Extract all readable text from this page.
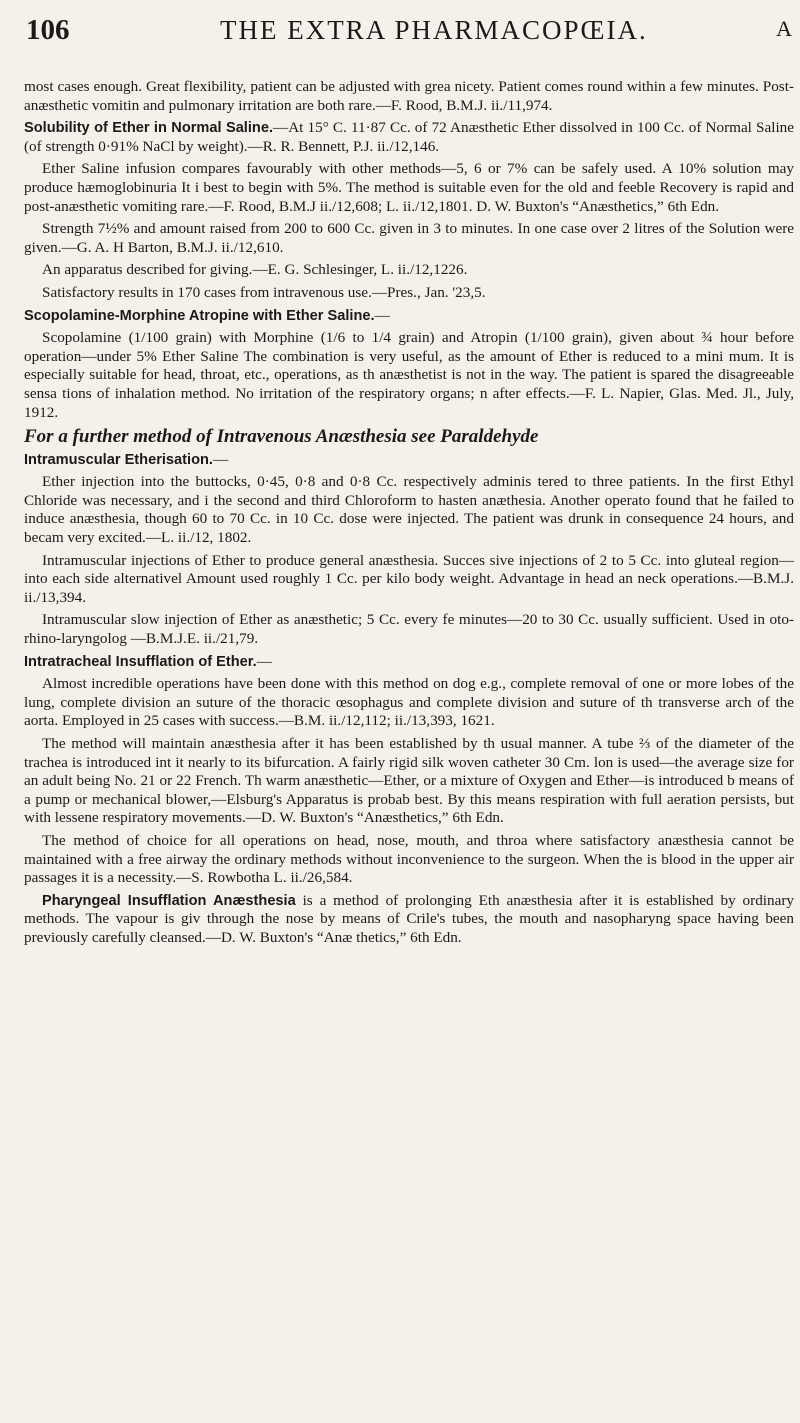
106	THE EXTRA PHARMACOPŒIA.	A

most cases enough. Great flexibility, patient can be adjusted with grea nicety. Patient comes round within a few minutes. Post-anæsthetic vomitin and pulmonary irritation are both rare.—F. Rood, B.M.J. ii./11,974.

Solubility of Ether in Normal Saline.—At 15° C. 11·87 Cc. of 72 Anæsthetic Ether dissolved in 100 Cc. of Normal Saline (of strength 0·91% NaCl by weight).—R. R. Bennett, P.J. ii./12,146.

Ether Saline infusion compares favourably with other methods—5, 6 or 7% can be safely used. A 10% solution may produce hæmoglobinuria It i best to begin with 5%. The method is suitable even for the old and feeble Recovery is rapid and post-anæsthetic vomiting rare.—F. Rood, B.M.J ii./12,608; L. ii./12,1801. D. W. Buxton's “Anæsthetics,” 6th Edn.

Strength 7½% and amount raised from 200 to 600 Cc. given in 3 to minutes. In one case over 2 litres of the Solution were given.—G. A. H Barton, B.M.J. ii./12,610.

An apparatus described for giving.—E. G. Schlesinger, L. ii./12,1226.

Satisfactory results in 170 cases from intravenous use.—Pres., Jan. '23,5.

Scopolamine-Morphine Atropine with Ether Saline.—

Scopolamine (1/100 grain) with Morphine (1/6 to 1/4 grain) and Atropin (1/100 grain), given about ¾ hour before operation—under 5% Ether Saline The combination is very useful, as the amount of Ether is reduced to a mini mum. It is especially suitable for head, throat, etc., operations, as th anæsthetist is not in the way. The patient is spared the disagreeable sensa tions of inhalation method. No irritation of the respiratory organs; n after effects.—F. L. Napier, Glas. Med. Jl., July, 1912.

For a further method of Intravenous Anæsthesia see Paraldehyde

Intramuscular Etherisation.—

Ether injection into the buttocks, 0·45, 0·8 and 0·8 Cc. respectively adminis tered to three patients. In the first Ethyl Chloride was necessary, and i the second and third Chloroform to hasten anæthesia. Another operato found that he failed to induce anæsthesia, though 60 to 70 Cc. in 10 Cc. dose were injected. The patient was drunk in consequence 24 hours, and becam very excited.—L. ii./12, 1802.

Intramuscular injections of Ether to produce general anæsthesia. Succes sive injections of 2 to 5 Cc. into gluteal region—into each side alternativel Amount used roughly 1 Cc. per kilo body weight. Advantage in head an neck operations.—B.M.J. ii./13,394.

Intramuscular slow injection of Ether as anæsthetic; 5 Cc. every fe minutes—20 to 30 Cc. usually sufficient. Used in oto-rhino-laryngolog —B.M.J.E. ii./21,79.

Intratracheal Insufflation of Ether.—

Almost incredible operations have been done with this method on dog e.g., complete removal of one or more lobes of the lung, complete division an suture of the thoracic œsophagus and complete division and suture of th transverse arch of the aorta. Employed in 25 cases with success.—B.M. ii./12,112; ii./13,393, 1621.

The method will maintain anæsthesia after it has been established by th usual manner. A tube ⅔ of the diameter of the trachea is introduced int it nearly to its bifurcation. A fairly rigid silk woven catheter 30 Cm. lon is used—the average size for an adult being No. 21 or 22 French. Th warm anæsthetic—Ether, or a mixture of Oxygen and Ether—is introduced b means of a pump or mechanical blower,—Elsburg's Apparatus is probab best. By this means respiration with full aeration persists, but with lessene respiratory movements.—D. W. Buxton's “Anæsthetics,” 6th Edn.

The method of choice for all operations on head, nose, mouth, and throa where satisfactory anæsthesia cannot be maintained with a free airway the ordinary methods without inconvenience to the surgeon. When the is blood in the upper air passages it is a necessity.—S. Rowbotha L. ii./26,584.

Pharyngeal Insufflation Anæsthesia is a method of prolonging Eth anæsthesia after it is established by ordinary methods. The vapour is giv through the nose by means of Crile's tubes, the mouth and nasopharyng space having been previously carefully cleansed.—D. W. Buxton's “Anæ thetics,” 6th Edn.
